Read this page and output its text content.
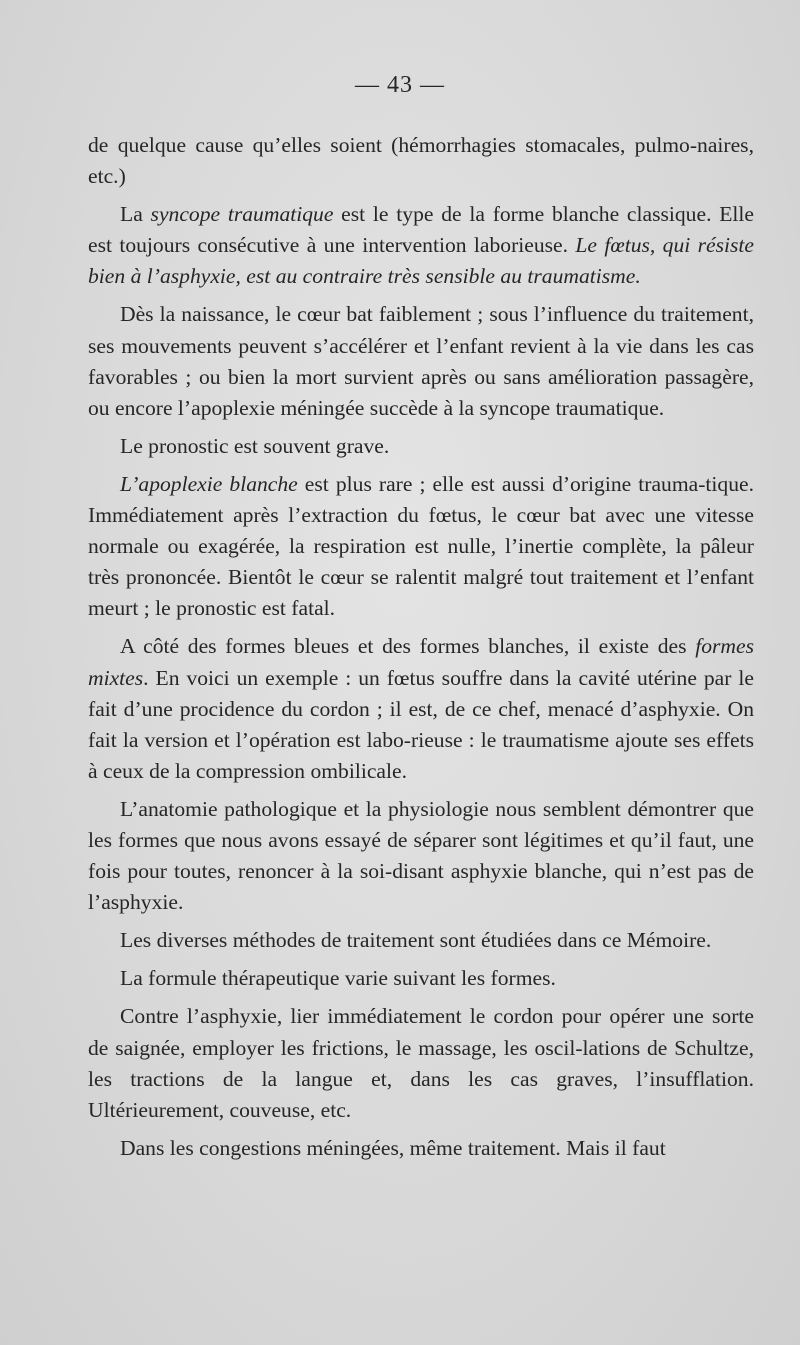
— 43 —

de quelque cause qu’elles soient (hémorrhagies stomacales, pulmo-naires, etc.)

La syncope traumatique est le type de la forme blanche classique. Elle est toujours consécutive à une intervention laborieuse. Le fœtus, qui résiste bien à l’asphyxie, est au contraire très sensible au traumatisme.

Dès la naissance, le cœur bat faiblement ; sous l’influence du traitement, ses mouvements peuvent s’accélérer et l’enfant revient à la vie dans les cas favorables ; ou bien la mort survient après ou sans amélioration passagère, ou encore l’apoplexie méningée succède à la syncope traumatique.

Le pronostic est souvent grave.

L’apoplexie blanche est plus rare ; elle est aussi d’origine trauma-tique. Immédiatement après l’extraction du fœtus, le cœur bat avec une vitesse normale ou exagérée, la respiration est nulle, l’inertie complète, la pâleur très prononcée. Bientôt le cœur se ralentit malgré tout traitement et l’enfant meurt ; le pronostic est fatal.

A côté des formes bleues et des formes blanches, il existe des formes mixtes. En voici un exemple : un fœtus souffre dans la cavité utérine par le fait d’une procidence du cordon ; il est, de ce chef, menacé d’asphyxie. On fait la version et l’opération est labo-rieuse : le traumatisme ajoute ses effets à ceux de la compression ombilicale.

L’anatomie pathologique et la physiologie nous semblent démontrer que les formes que nous avons essayé de séparer sont légitimes et qu’il faut, une fois pour toutes, renoncer à la soi-disant asphyxie blanche, qui n’est pas de l’asphyxie.

Les diverses méthodes de traitement sont étudiées dans ce Mémoire.

La formule thérapeutique varie suivant les formes.

Contre l’asphyxie, lier immédiatement le cordon pour opérer une sorte de saignée, employer les frictions, le massage, les oscil-lations de Schultze, les tractions de la langue et, dans les cas graves, l’insufflation. Ultérieurement, couveuse, etc.

Dans les congestions méningées, même traitement. Mais il faut
